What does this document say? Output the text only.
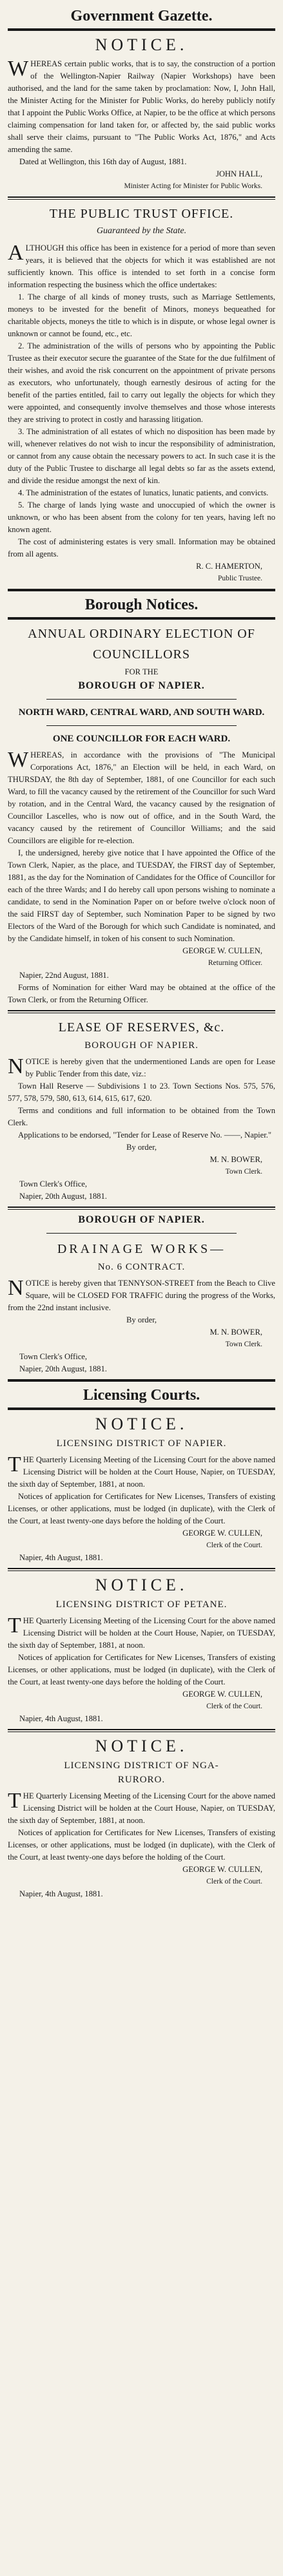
Government Gazette.
NOTICE.

WHEREAS certain public works, that is to say, the construction of a portion of the Wellington-Napier Railway (Napier Workshops) have been authorised, and the land for the same taken by proclamation: Now, I, John Hall, the Minister Acting for the Minister for Public Works, do hereby publicly notify that I appoint the Public Works Office, at Napier, to be the office at which persons claiming compensation for land taken for, or affected by, the said public works shall serve their claims, pursuant to "The Public Works Act, 1876," and Acts amending the same.

Dated at Wellington, this 16th day of August, 1881.

JOHN HALL,

Minister Acting for Minister for Public Works.

THE PUBLIC TRUST OFFICE.
Guaranteed by the State.

ALTHOUGH this office has been in existence for a period of more than seven years, it is believed that the objects for which it was established are not sufficiently known. This office is intended to set forth in a concise form information respecting the business which the office undertakes:

1. The charge of all kinds of money trusts, such as Marriage Settlements, moneys to be invested for the benefit of Minors, moneys bequeathed for charitable objects, moneys the title to which is in dispute, or whose legal owner is unknown or cannot be found, etc., etc.

2. The administration of the wills of persons who by appointing the Public Trustee as their executor secure the guarantee of the State for the due fulfilment of their wishes, and avoid the risk concurrent on the appointment of private persons as executors, who unfortunately, though earnestly desirous of acting for the benefit of the parties entitled, fail to carry out legally the objects for which they were appointed, and consequently involve themselves and those whose interests they are striving to protect in costly and harassing litigation.

3. The administration of all estates of which no disposition has been made by will, whenever relatives do not wish to incur the responsibility of administration, or cannot from any cause obtain the necessary powers to act. In such case it is the duty of the Public Trustee to discharge all legal debts so far as the assets extend, and divide the residue amongst the next of kin.

4. The administration of the estates of lunatics, lunatic patients, and convicts.

5. The charge of lands lying waste and unoccupied of which the owner is unknown, or who has been absent from the colony for ten years, having left no known agent.

The cost of administering estates is very small. Information may be obtained from all agents.

R. C. HAMERTON,

Public Trustee.

Borough Notices.
ANNUAL ORDINARY ELECTION OF
COUNCILLORS
FOR THE
BOROUGH OF NAPIER.
NORTH WARD, CENTRAL WARD, AND SOUTH WARD.
ONE COUNCILLOR FOR EACH WARD.

WHEREAS, in accordance with the provisions of "The Municipal Corporations Act, 1876," an Election will be held, in each Ward, on THURSDAY, the 8th day of September, 1881, of one Councillor for each such Ward, to fill the vacancy caused by the retirement of the Councillor for such Ward by rotation, and in the Central Ward, the vacancy caused by the resignation of Councillor Lascelles, who is now out of office, and in the South Ward, the vacancy caused by the retirement of Councillor Williams; and the said Councillors are eligible for re-election.

I, the undersigned, hereby give notice that I have appointed the Office of the Town Clerk, Napier, as the place, and TUESDAY, the FIRST day of September, 1881, as the day for the Nomination of Candidates for the Office of Councillor for each of the three Wards; and I do hereby call upon persons wishing to nominate a candidate, to send in the Nomination Paper on or before twelve o'clock noon of the said FIRST day of September, such Nomination Paper to be signed by two Electors of the Ward of the Borough for which such Candidate is nominated, and by the Candidate himself, in token of his consent to such Nomination.

GEORGE W. CULLEN,

Returning Officer.

Napier, 22nd August, 1881.

Forms of Nomination for either Ward may be obtained at the office of the Town Clerk, or from the Returning Officer.

LEASE OF RESERVES, &c.
BOROUGH OF NAPIER.

NOTICE is hereby given that the undermentioned Lands are open for Lease by Public Tender from this date, viz.:

Town Hall Reserve — Subdivisions 1 to 23. Town Sections Nos. 575, 576, 577, 578, 579, 580, 613, 614, 615, 617, 620.

Terms and conditions and full information to be obtained from the Town Clerk.

Applications to be endorsed, "Tender for Lease of Reserve No. ——, Napier."

By order,

M. N. BOWER,

Town Clerk.

Town Clerk's Office,

Napier, 20th August, 1881.

BOROUGH OF NAPIER.
DRAINAGE WORKS—
No. 6 CONTRACT.

NOTICE is hereby given that TENNYSON-STREET from the Beach to Clive Square, will be CLOSED FOR TRAFFIC during the progress of the Works, from the 22nd instant inclusive.

By order,

M. N. BOWER,

Town Clerk.

Town Clerk's Office,

Napier, 20th August, 1881.

Licensing Courts.
NOTICE.
LICENSING DISTRICT OF NAPIER.

THE Quarterly Licensing Meeting of the Licensing Court for the above named Licensing District will be holden at the Court House, Napier, on TUESDAY, the sixth day of September, 1881, at noon.

Notices of application for Certificates for New Licenses, Transfers of existing Licenses, or other applications, must be lodged (in duplicate), with the Clerk of the Court, at least twenty-one days before the holding of the Court.

GEORGE W. CULLEN,

Clerk of the Court.

Napier, 4th August, 1881.

NOTICE.
LICENSING DISTRICT OF PETANE.

THE Quarterly Licensing Meeting of the Licensing Court for the above named Licensing District will be holden at the Court House, Napier, on TUESDAY, the sixth day of September, 1881, at noon.

Notices of application for Certificates for New Licenses, Transfers of existing Licenses, or other applications, must be lodged (in duplicate), with the Clerk of the Court, at least twenty-one days before the holding of the Court.

GEORGE W. CULLEN,

Clerk of the Court.

Napier, 4th August, 1881.

NOTICE.
LICENSING DISTRICT OF NGA-
RURORO.

THE Quarterly Licensing Meeting of the Licensing Court for the above named Licensing District will be holden at the Court House, Napier, on TUESDAY, the sixth day of September, 1881, at noon.

Notices of application for Certificates for New Licenses, Transfers of existing Licenses, or other applications, must be lodged (in duplicate), with the Clerk of the Court, at least twenty-one days before the holding of the Court.

GEORGE W. CULLEN,

Clerk of the Court.

Napier, 4th August, 1881.
